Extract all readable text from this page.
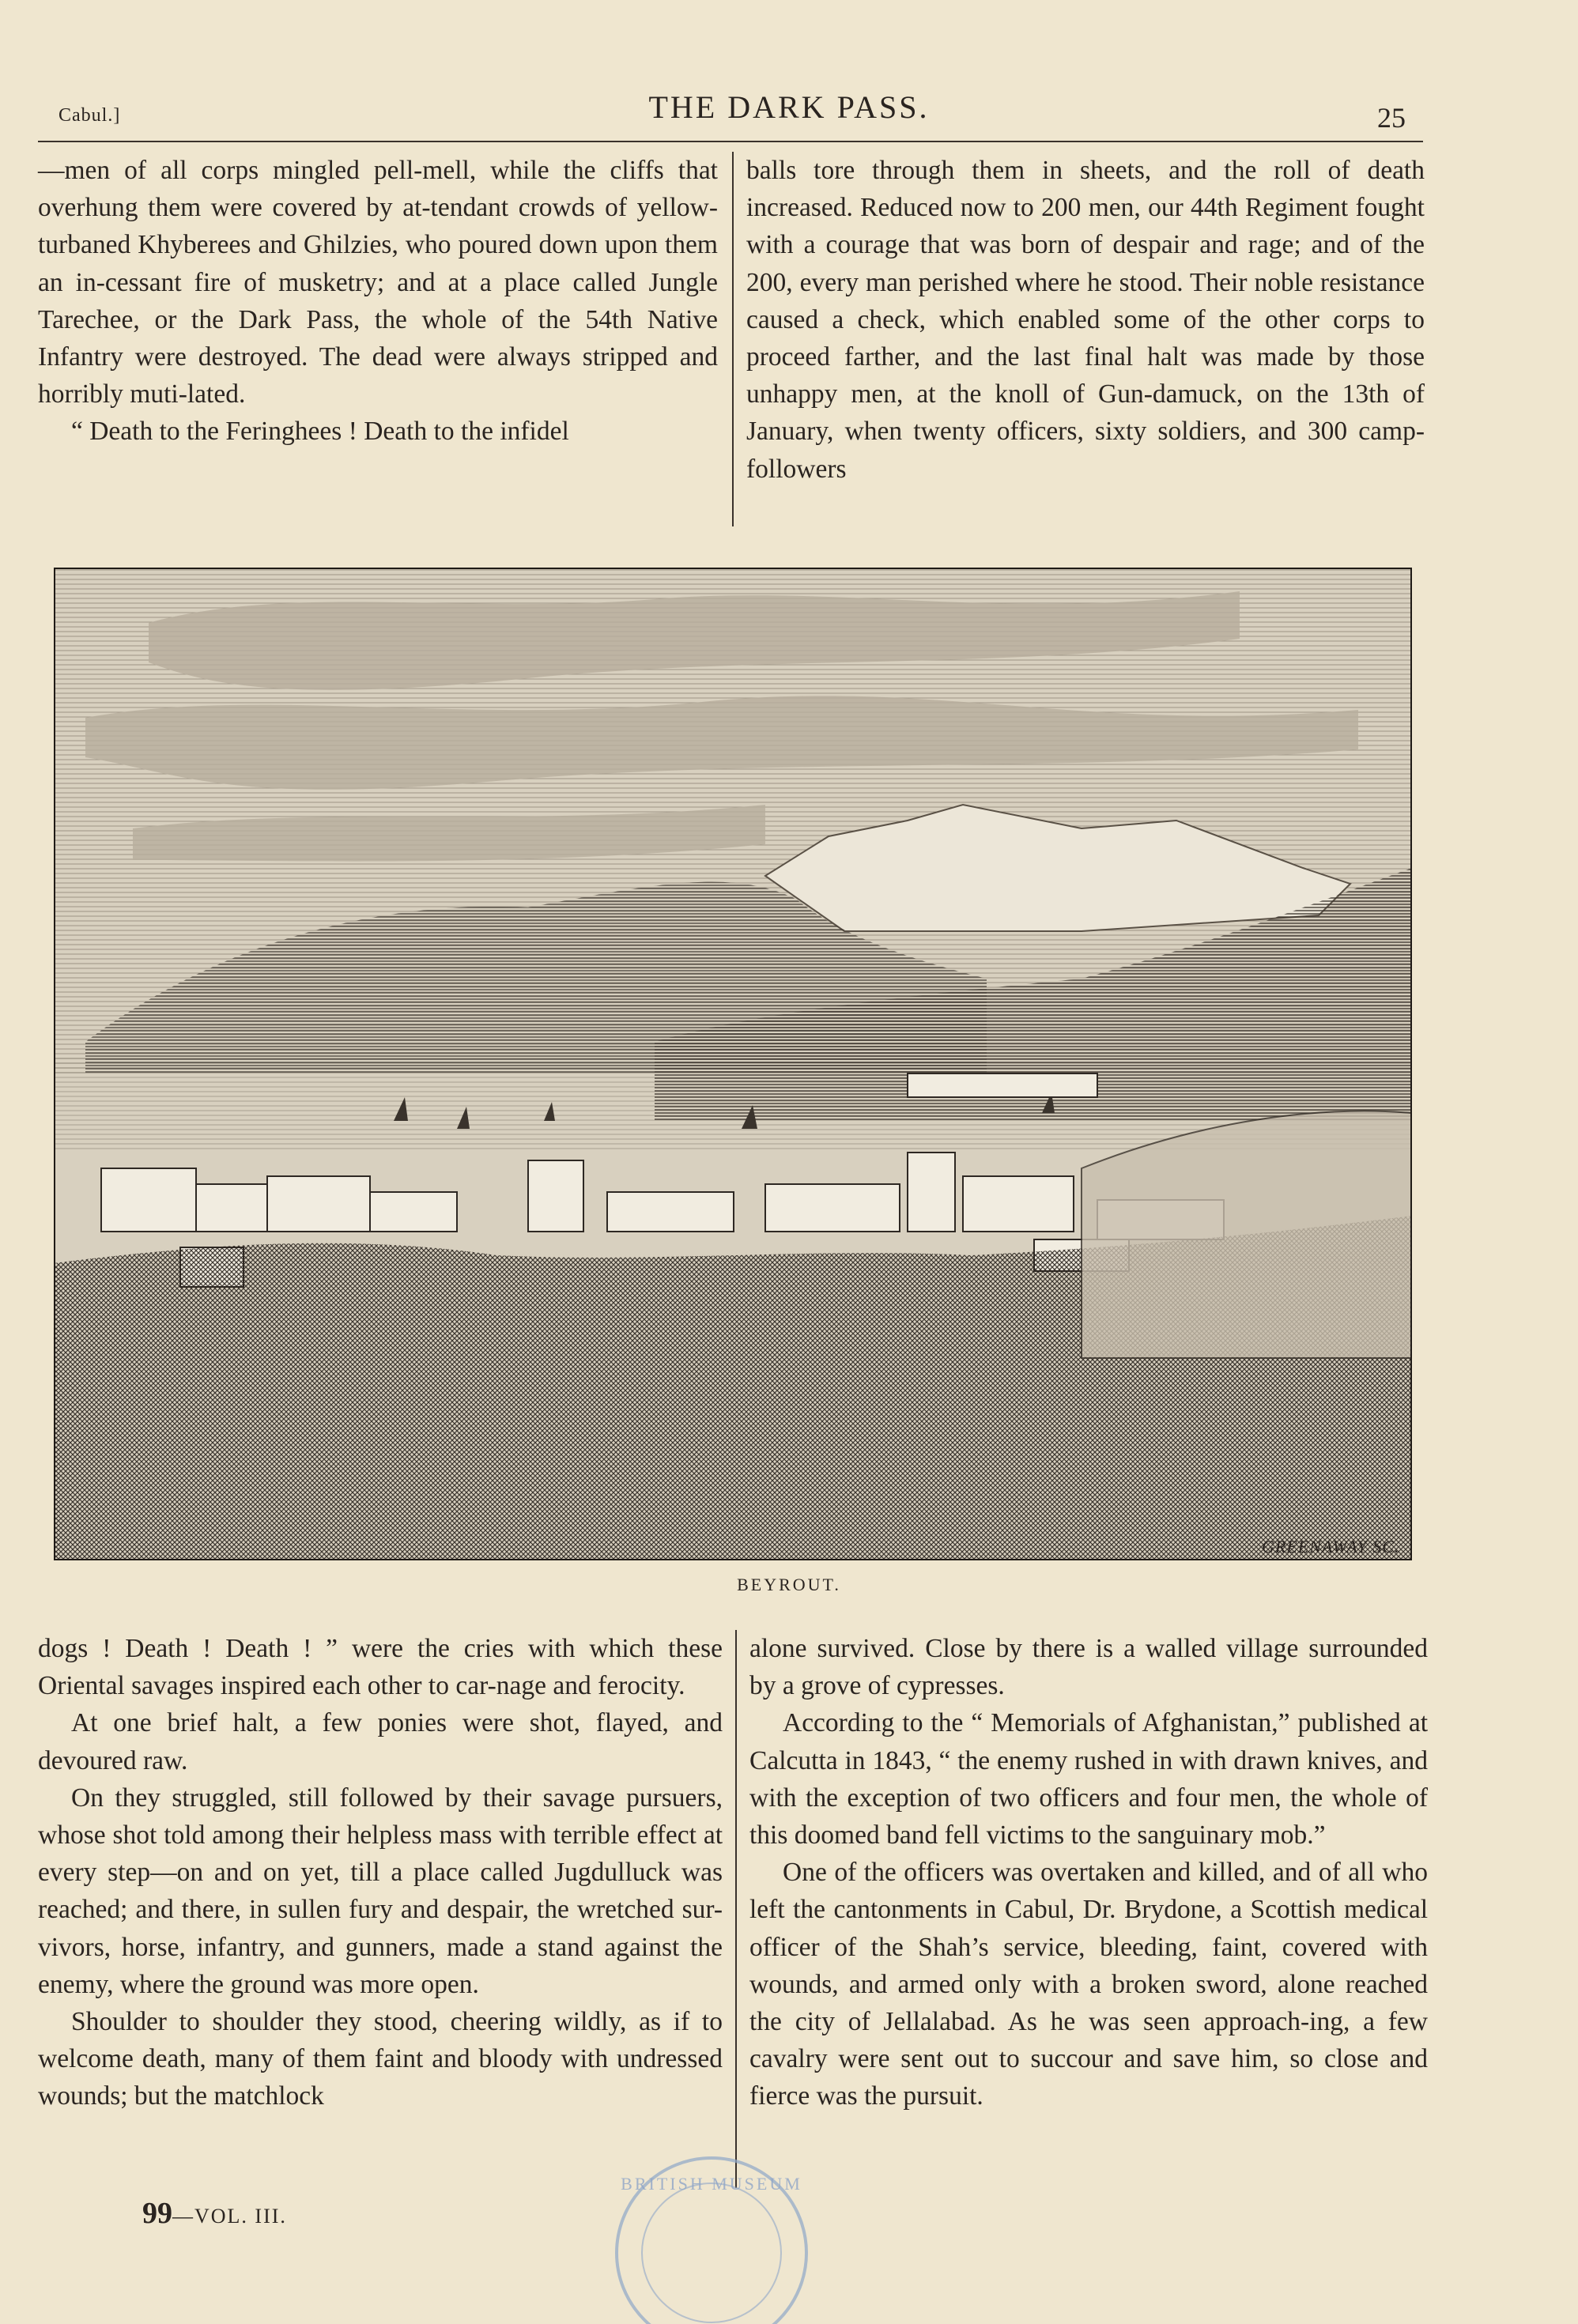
Cabul.]	THE DARK PASS.	25

—men of all corps mingled pell-mell, while the cliffs that overhung them were covered by at-tendant crowds of yellow-turbaned Khyberees and Ghilzies, who poured down upon them an in-cessant fire of musketry; and at a place called Jungle Tarechee, or the Dark Pass, the whole of the 54th Native Infantry were destroyed. The dead were always stripped and horribly muti-lated.

“ Death to the Feringhees ! Death to the infidel

balls tore through them in sheets, and the roll of death increased. Reduced now to 200 men, our 44th Regiment fought with a courage that was born of despair and rage; and of the 200, every man perished where he stood. Their noble resistance caused a check, which enabled some of the other corps to proceed farther, and the last final halt was made by those unhappy men, at the knoll of Gun-damuck, on the 13th of January, when twenty officers, sixty soldiers, and 300 camp-followers

GREENAWAY SC.
BEYROUT.

dogs ! Death ! Death ! ” were the cries with which these Oriental savages inspired each other to car-nage and ferocity.

At one brief halt, a few ponies were shot, flayed, and devoured raw.

On they struggled, still followed by their savage pursuers, whose shot told among their helpless mass with terrible effect at every step—on and on yet, till a place called Jugdulluck was reached; and there, in sullen fury and despair, the wretched sur-vivors, horse, infantry, and gunners, made a stand against the enemy, where the ground was more open.

Shoulder to shoulder they stood, cheering wildly, as if to welcome death, many of them faint and bloody with undressed wounds; but the matchlock

alone survived. Close by there is a walled village surrounded by a grove of cypresses.

According to the “ Memorials of Afghanistan,” published at Calcutta in 1843, “ the enemy rushed in with drawn knives, and with the exception of two officers and four men, the whole of this doomed band fell victims to the sanguinary mob.”

One of the officers was overtaken and killed, and of all who left the cantonments in Cabul, Dr. Brydone, a Scottish medical officer of the Shah’s service, bleeding, faint, covered with wounds, and armed only with a broken sword, alone reached the city of Jellalabad. As he was seen approach-ing, a few cavalry were sent out to succour and save him, so close and fierce was the pursuit.

99—VOL. III.
BRITISH MUSEUM
